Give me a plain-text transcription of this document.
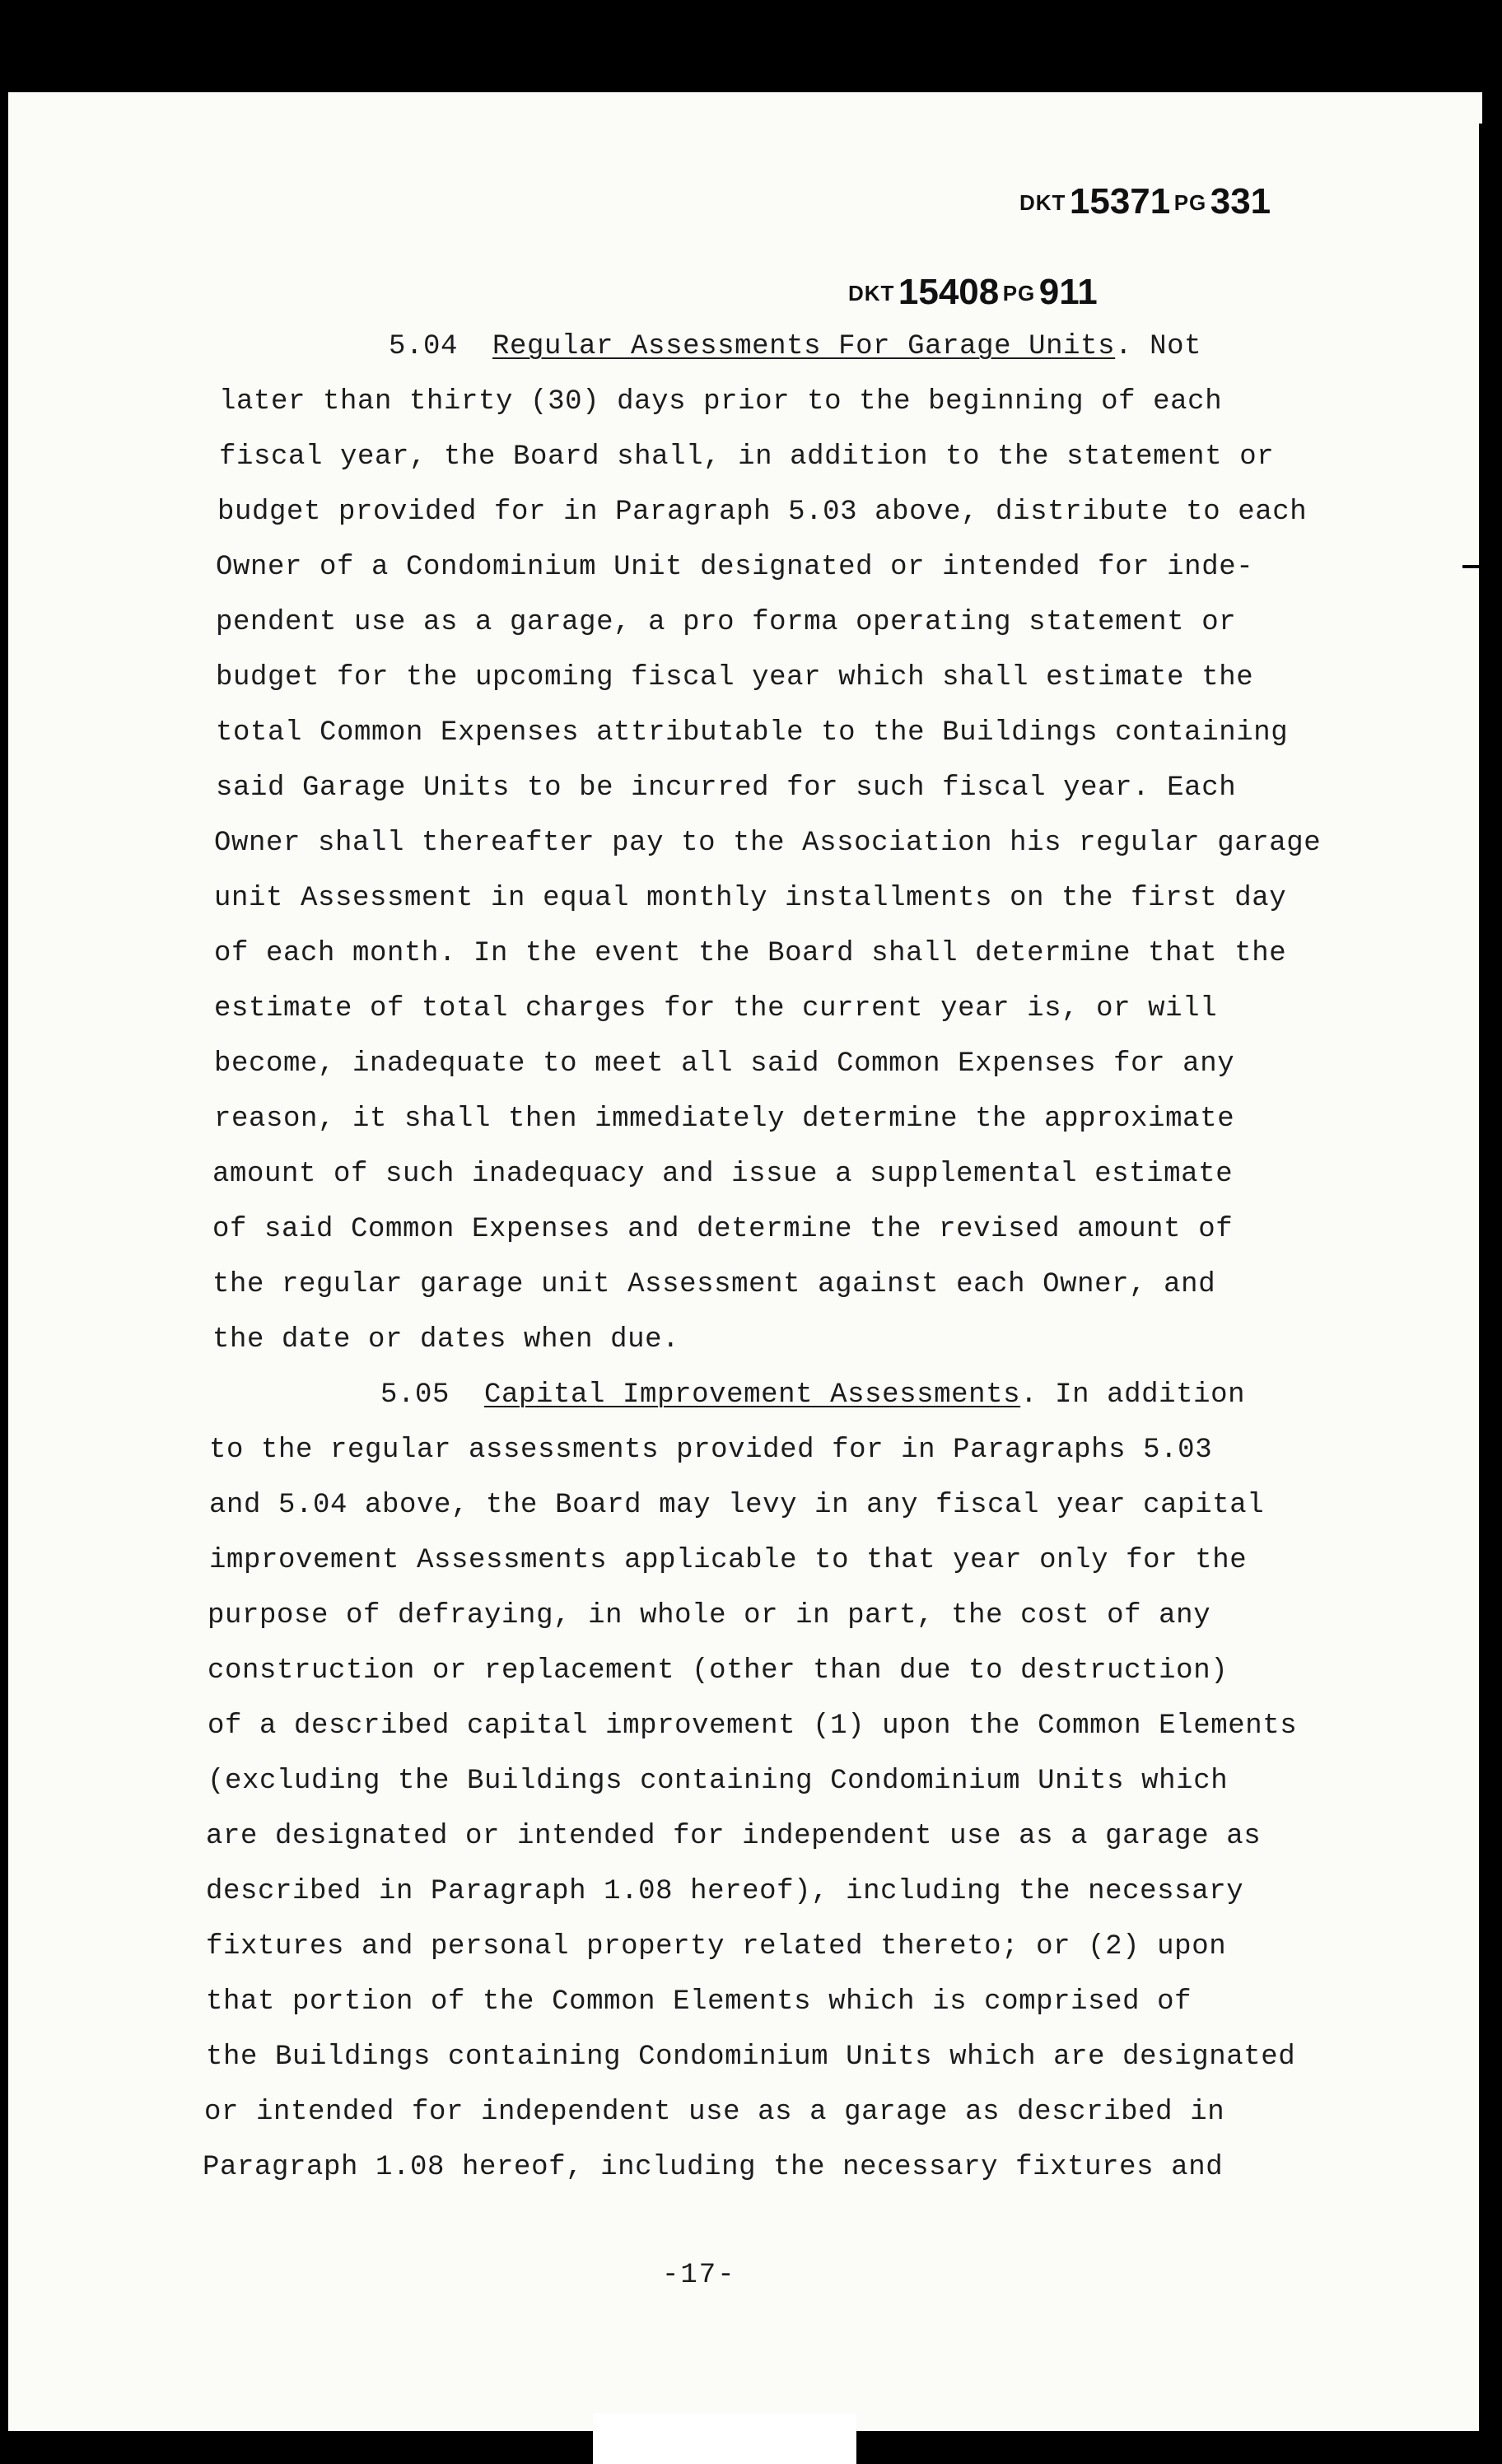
DKT 15371 PG 331
DKT 15408 PG 911
5.04 Regular Assessments For Garage Units. Not
later than thirty (30) days prior to the beginning of each
fiscal year, the Board shall, in addition to the statement or
budget provided for in Paragraph 5.03 above, distribute to each
Owner of a Condominium Unit designated or intended for inde-
pendent use as a garage, a pro forma operating statement or
budget for the upcoming fiscal year which shall estimate the
total Common Expenses attributable to the Buildings containing
said Garage Units to be incurred for such fiscal year. Each
Owner shall thereafter pay to the Association his regular garage
unit Assessment in equal monthly installments on the first day
of each month. In the event the Board shall determine that the
estimate of total charges for the current year is, or will
become, inadequate to meet all said Common Expenses for any
reason, it shall then immediately determine the approximate
amount of such inadequacy and issue a supplemental estimate
of said Common Expenses and determine the revised amount of
the regular garage unit Assessment against each Owner, and
the date or dates when due.
5.05 Capital Improvement Assessments. In addition
to the regular assessments provided for in Paragraphs 5.03
and 5.04 above, the Board may levy in any fiscal year capital
improvement Assessments applicable to that year only for the
purpose of defraying, in whole or in part, the cost of any
construction or replacement (other than due to destruction)
of a described capital improvement (1) upon the Common Elements
(excluding the Buildings containing Condominium Units which
are designated or intended for independent use as a garage as
described in Paragraph 1.08 hereof), including the necessary
fixtures and personal property related thereto; or (2) upon
that portion of the Common Elements which is comprised of
the Buildings containing Condominium Units which are designated
or intended for independent use as a garage as described in
Paragraph 1.08 hereof, including the necessary fixtures and
-17-
